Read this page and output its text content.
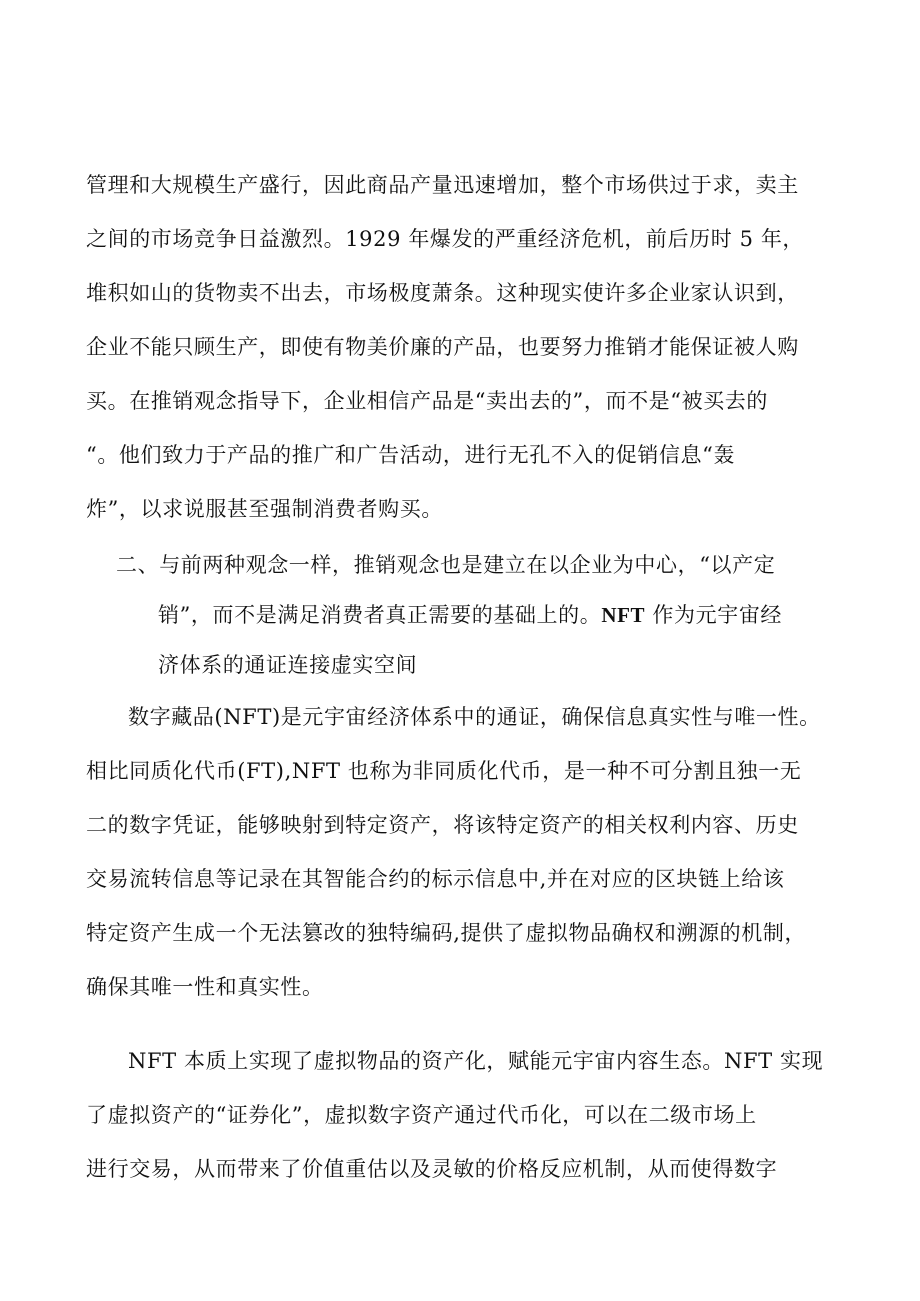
管理和大规模生产盛行，因此商品产量迅速增加，整个市场供过于求，卖主
之间的市场竞争日益激烈。1929 年爆发的严重经济危机，前后历时 5 年，
堆积如山的货物卖不出去，市场极度萧条。这种现实使许多企业家认识到，
企业不能只顾生产，即使有物美价廉的产品，也要努力推销才能保证被人购
买。在推销观念指导下，企业相信产品是“卖出去的”，而不是“被买去的
“。他们致力于产品的推广和广告活动，进行无孔不入的促销信息“轰
炸”，以求说服甚至强制消费者购买。
二、与前两种观念一样，推销观念也是建立在以企业为中心，“以产定
销”，而不是满足消费者真正需要的基础上的。NFT 作为元宇宙经
济体系的通证连接虚实空间
数字藏品(NFT)是元宇宙经济体系中的通证，确保信息真实性与唯一性。
相比同质化代币(FT),NFT 也称为非同质化代币，是一种不可分割且独一无
二的数字凭证，能够映射到特定资产，将该特定资产的相关权利内容、历史
交易流转信息等记录在其智能合约的标示信息中,并在对应的区块链上给该
特定资产生成一个无法篡改的独特编码,提供了虚拟物品确权和溯源的机制，
确保其唯一性和真实性。
NFT 本质上实现了虚拟物品的资产化，赋能元宇宙内容生态。NFT 实现
了虚拟资产的“证券化”，虚拟数字资产通过代币化，可以在二级市场上
进行交易，从而带来了价值重估以及灵敏的价格反应机制，从而使得数字
